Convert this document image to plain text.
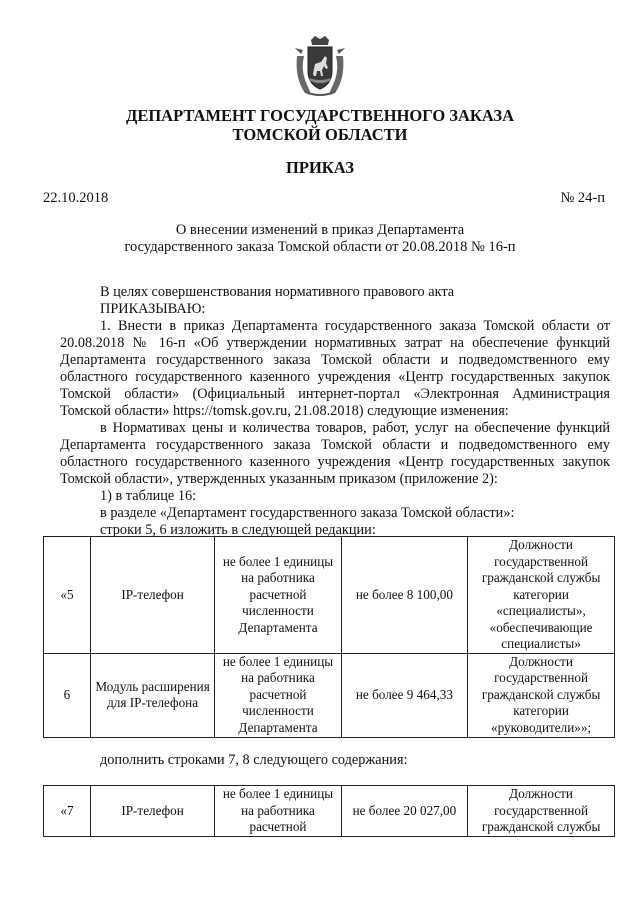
ДЕПАРТАМЕНТ ГОСУДАРСТВЕННОГО ЗАКАЗА
ТОМСКОЙ ОБЛАСТИ
ПРИКАЗ
22.10.2018	№ 24-п
О внесении изменений в приказ Департамента
государственного заказа Томской области от 20.08.2018 № 16-п

В целях совершенствования нормативного правового акта

ПРИКАЗЫВАЮ:

1. Внести в приказ Департамента государственного заказа Томской области от 20.08.2018 № 16-п «Об утверждении нормативных затрат на обеспечение функций Департамента государственного заказа Томской области и подведомственного ему областного государственного казенного учреждения «Центр государственных закупок Томской области» (Официальный интернет-портал «Электронная Администрация Томской области» https://tomsk.gov.ru, 21.08.2018) следующие изменения:

в Нормативах цены и количества товаров, работ, услуг на обеспечение функций Департамента государственного заказа Томской области и подведомственного ему областного государственного казенного учреждения «Центр государственных закупок Томской области», утвержденных указанным приказом (приложение 2):

1) в таблице 16:

в разделе «Департамент государственного заказа Томской области»:

строки 5, 6 изложить в следующей редакции:

«5	IP-телефон	не более 1 единицы на работника расчетной численности Департамента	не более 8 100,00	Должности государственной гражданской службы категории «специалисты», «обеспечивающие специалисты»
6	Модуль расширения для IP-телефона	не более 1 единицы на работника расчетной численности Департамента	не более 9 464,33	Должности государственной гражданской службы категории «руководители»»;
дополнить строками 7, 8 следующего содержания:
«7	IP-телефон	не более 1 единицы на работника расчетной	не более 20 027,00	Должности государственной гражданской службы
